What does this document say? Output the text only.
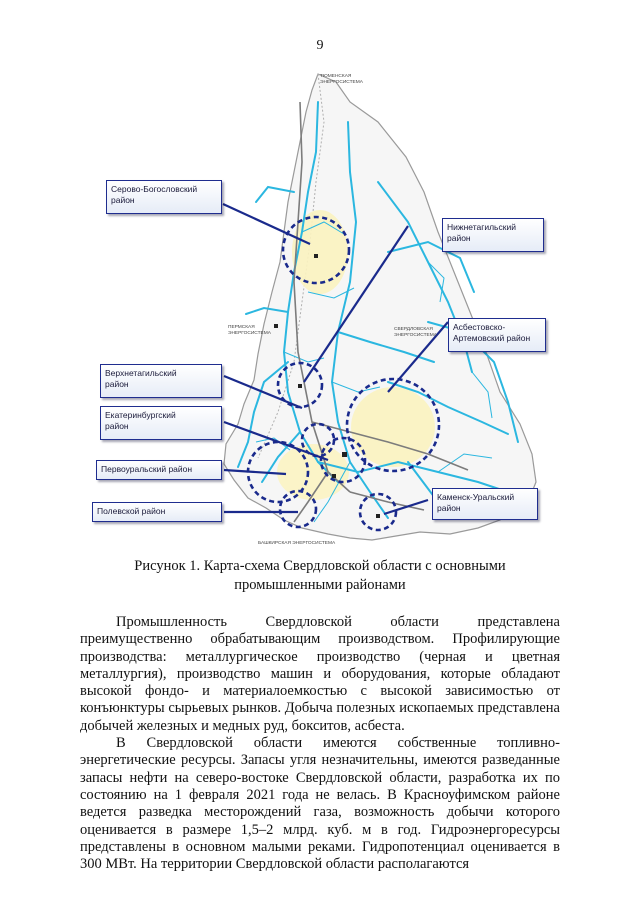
9
ТЮМЕНСКАЯ
ЭНЕРГОСИСТЕМА
СВЕРДЛОВСКАЯ
ЭНЕРГОСИСТЕМА
ПЕРМСКАЯ
ЭНЕРГОСИСТЕМА
БАШКИРСКАЯ ЭНЕРГОСИСТЕМА
Серово-Богословский
район
Нижнетагильский
район
Асбестовско-
Артемовский район
Верхнетагильский
район
Екатеринбургский
район
Первоуральский район
Каменск-Уральский
район
Полевской район
Рисунок 1. Карта-схема Свердловской области с основными промышленными районами

Промышленность Свердловской области представлена преимущественно обрабатывающим производством. Профилирующие производства: металлургическое производство (черная и цветная металлургия), производство машин и оборудования, которые обладают высокой фондо- и материалоемкостью с высокой зависимостью от конъюнктуры сырьевых рынков. Добыча полезных ископаемых представлена добычей железных и медных руд, бокситов, асбеста.

В Свердловской области имеются собственные топливно-энергетические ресурсы. Запасы угля незначительны, имеются разведанные запасы нефти на северо-востоке Свердловской области, разработка их по состоянию на 1 февраля 2021 года не велась. В Красноуфимском районе ведется разведка месторождений газа, возможность добычи которого оценивается в размере 1,5–2 млрд. куб. м в год. Гидроэнергоресурсы представлены в основном малыми реками. Гидропотенциал оценивается в 300 МВт. На территории Свердловской области располагаются
